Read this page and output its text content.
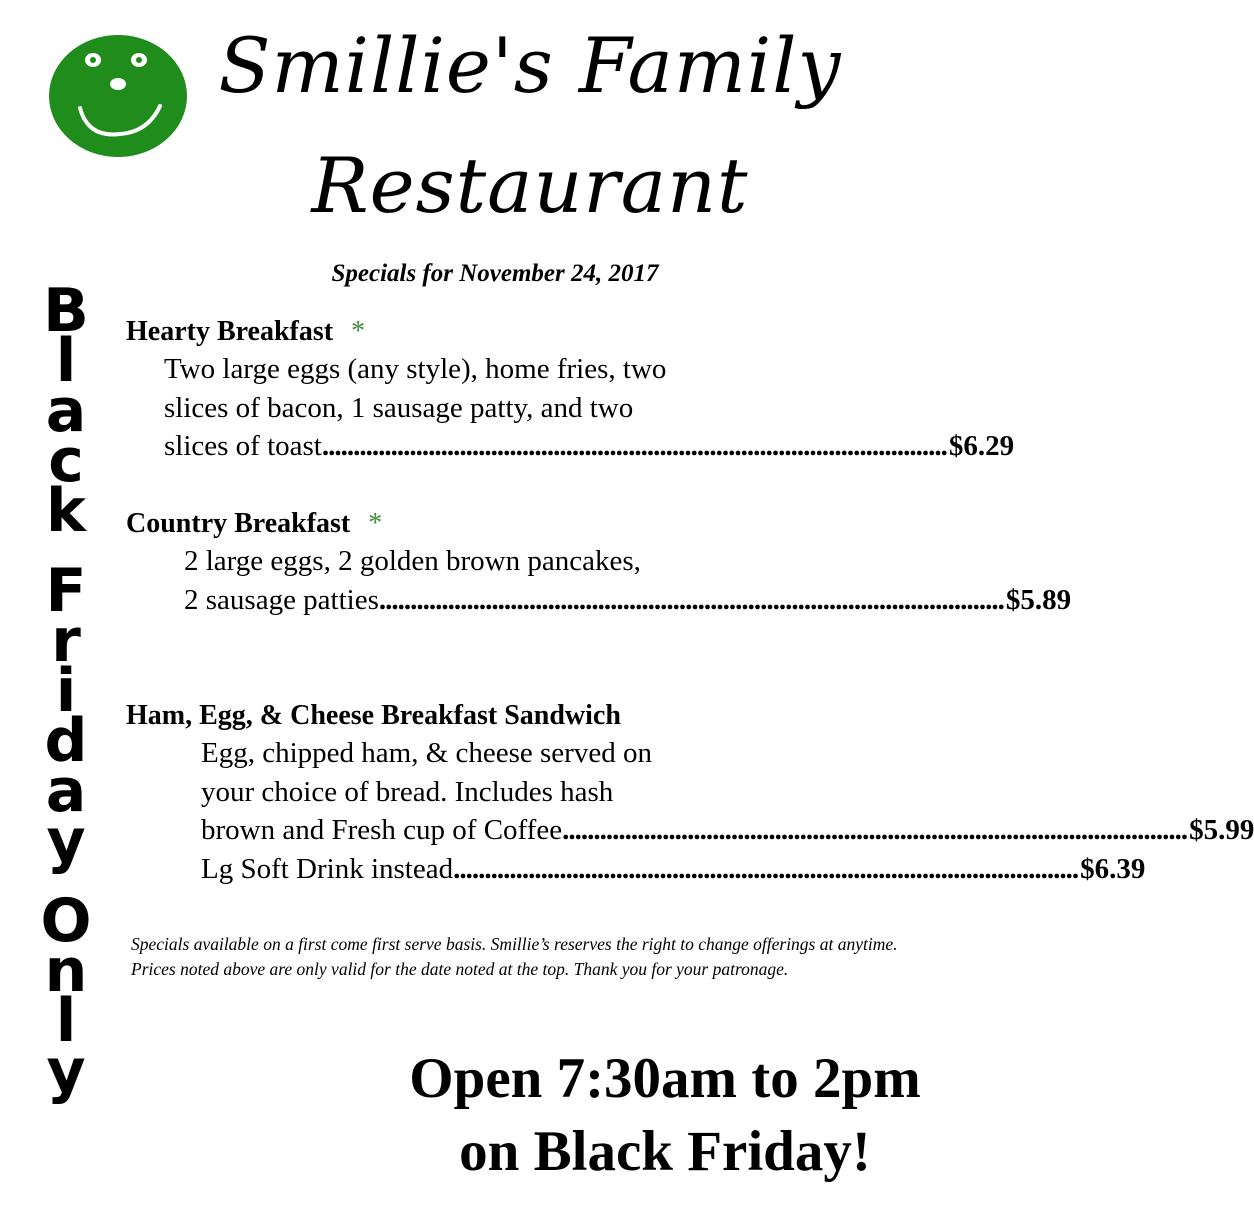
Smillie's Family
Restaurant
Specials for November 24, 2017
B
l
a
c
k
F
r
i
d
a
y
O
n
l
y
Hearty Breakfast *
Two large eggs (any style), home fries, two
slices of bacon, 1 sausage patty, and two
slices of toast .................................................................................................... $6.29
Country Breakfast *
2 large eggs, 2 golden brown pancakes,
2 sausage patties .................................................................................................... $5.89
Ham, Egg, & Cheese Breakfast Sandwich
Egg, chipped ham, & cheese served on
your choice of bread. Includes hash
brown and Fresh cup of Coffee .................................................................................................... $5.99
Lg Soft Drink instead .................................................................................................... $6.39
Specials available on a first come first serve basis. Smillie’s reserves the right to change offerings at anytime. Prices noted above are only valid for the date noted at the top. Thank you for your patronage.
Open 7:30am to 2pm
on Black Friday!
